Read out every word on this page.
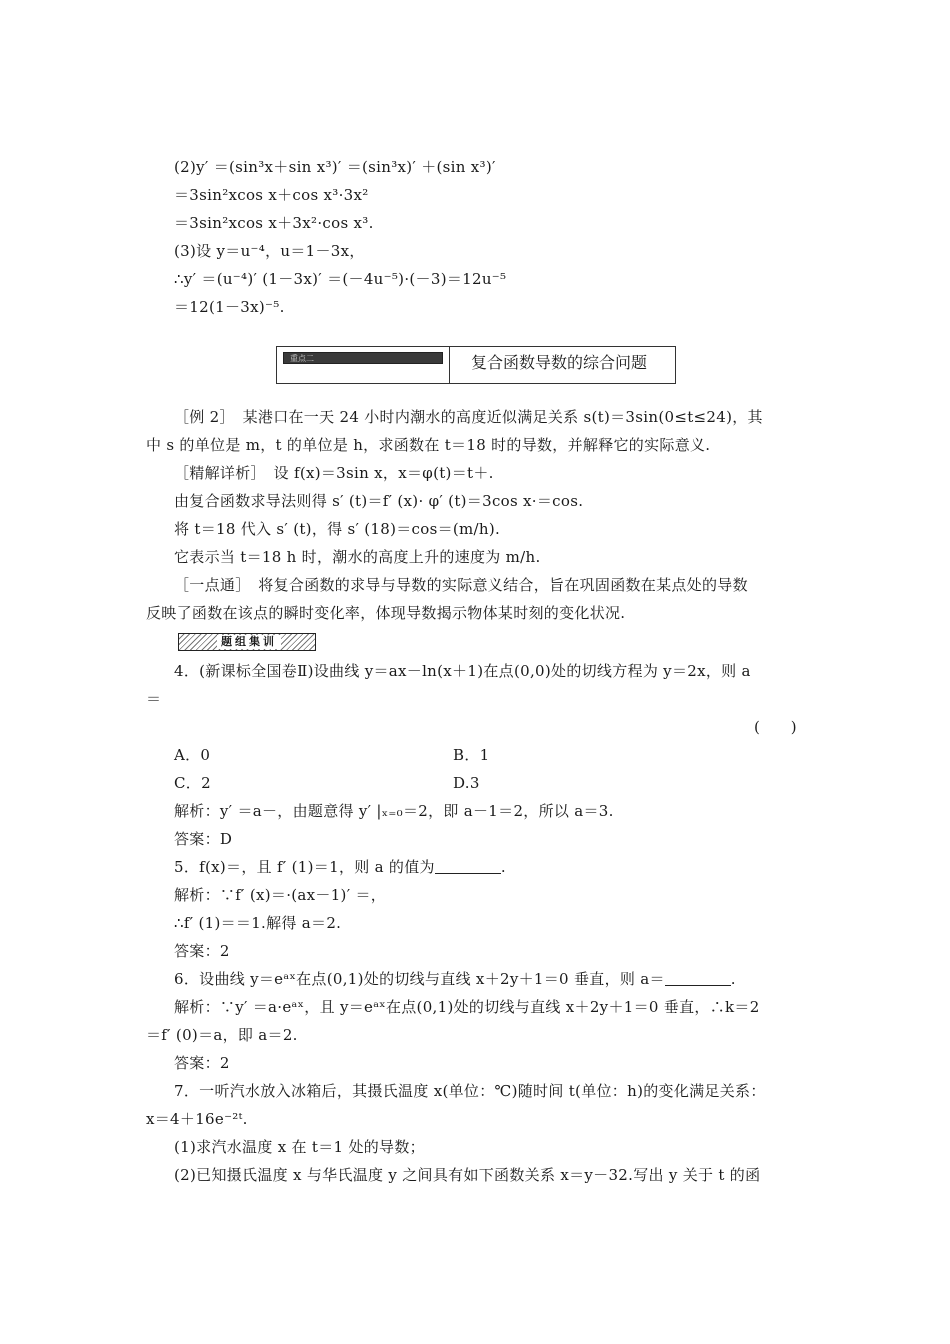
(2)y′ ＝(sin³x＋sin x³)′ ＝(sin³x)′ ＋(sin x³)′
＝3sin²xcos x＋cos x³·3x²
＝3sin²xcos x＋3x²·cos x³.
(3)设 y＝u⁻⁴，u＝1－3x，
∴y′ ＝(u⁻⁴)′ (1－3x)′ ＝(－4u⁻⁵)·(－3)＝12u⁻⁵
＝12(1－3x)⁻⁵.
重点二	复合函数导数的综合问题
［例 2］　某港口在一天 24 小时内潮水的高度近似满足关系 s(t)＝3sin(0≤t≤24)，其
中 s 的单位是 m，t 的单位是 h，求函数在 t＝18 时的导数，并解释它的实际意义.
［精解详析］　设 f(x)＝3sin x，x＝φ(t)＝t＋.
由复合函数求导法则得 s′ (t)＝f′ (x)· φ′ (t)＝3cos x·＝cos.
将 t＝18 代入 s′ (t)，得 s′ (18)＝cos＝(m/h).
它表示当 t＝18 h 时，潮水的高度上升的速度为 m/h.
［一点通］　将复合函数的求导与导数的实际意义结合，旨在巩固函数在某点处的导数
反映了函数在该点的瞬时变化率，体现导数揭示物体某时刻的变化状况.
题组集训
4．(新课标全国卷Ⅱ)设曲线 y＝ax－ln(x＋1)在点(0,0)处的切线方程为 y＝2x，则 a
＝
(　　)
A．0	B．1
C．2	D.3
解析：y′ ＝a－，由题意得 y′ |ₓ₌₀＝2，即 a－1＝2，所以 a＝3.
答案：D
5．f(x)＝，且 f′ (1)＝1，则 a 的值为	.
解析：∵f′ (x)＝·(ax－1)′ ＝，
∴f′ (1)＝＝1.解得 a＝2.
答案：2
6．设曲线 y＝eᵃˣ在点(0,1)处的切线与直线 x＋2y＋1＝0 垂直，则 a＝	.
解析：∵y′ ＝a·eᵃˣ，且 y＝eᵃˣ在点(0,1)处的切线与直线 x＋2y＋1＝0 垂直，∴k＝2
＝f′ (0)＝a，即 a＝2.
答案：2
7．一听汽水放入冰箱后，其摄氏温度 x(单位：℃)随时间 t(单位：h)的变化满足关系：
x＝4＋16e⁻²ᵗ.
(1)求汽水温度 x 在 t＝1 处的导数；
(2)已知摄氏温度 x 与华氏温度 y 之间具有如下函数关系 x＝y－32.写出 y 关于 t 的函
